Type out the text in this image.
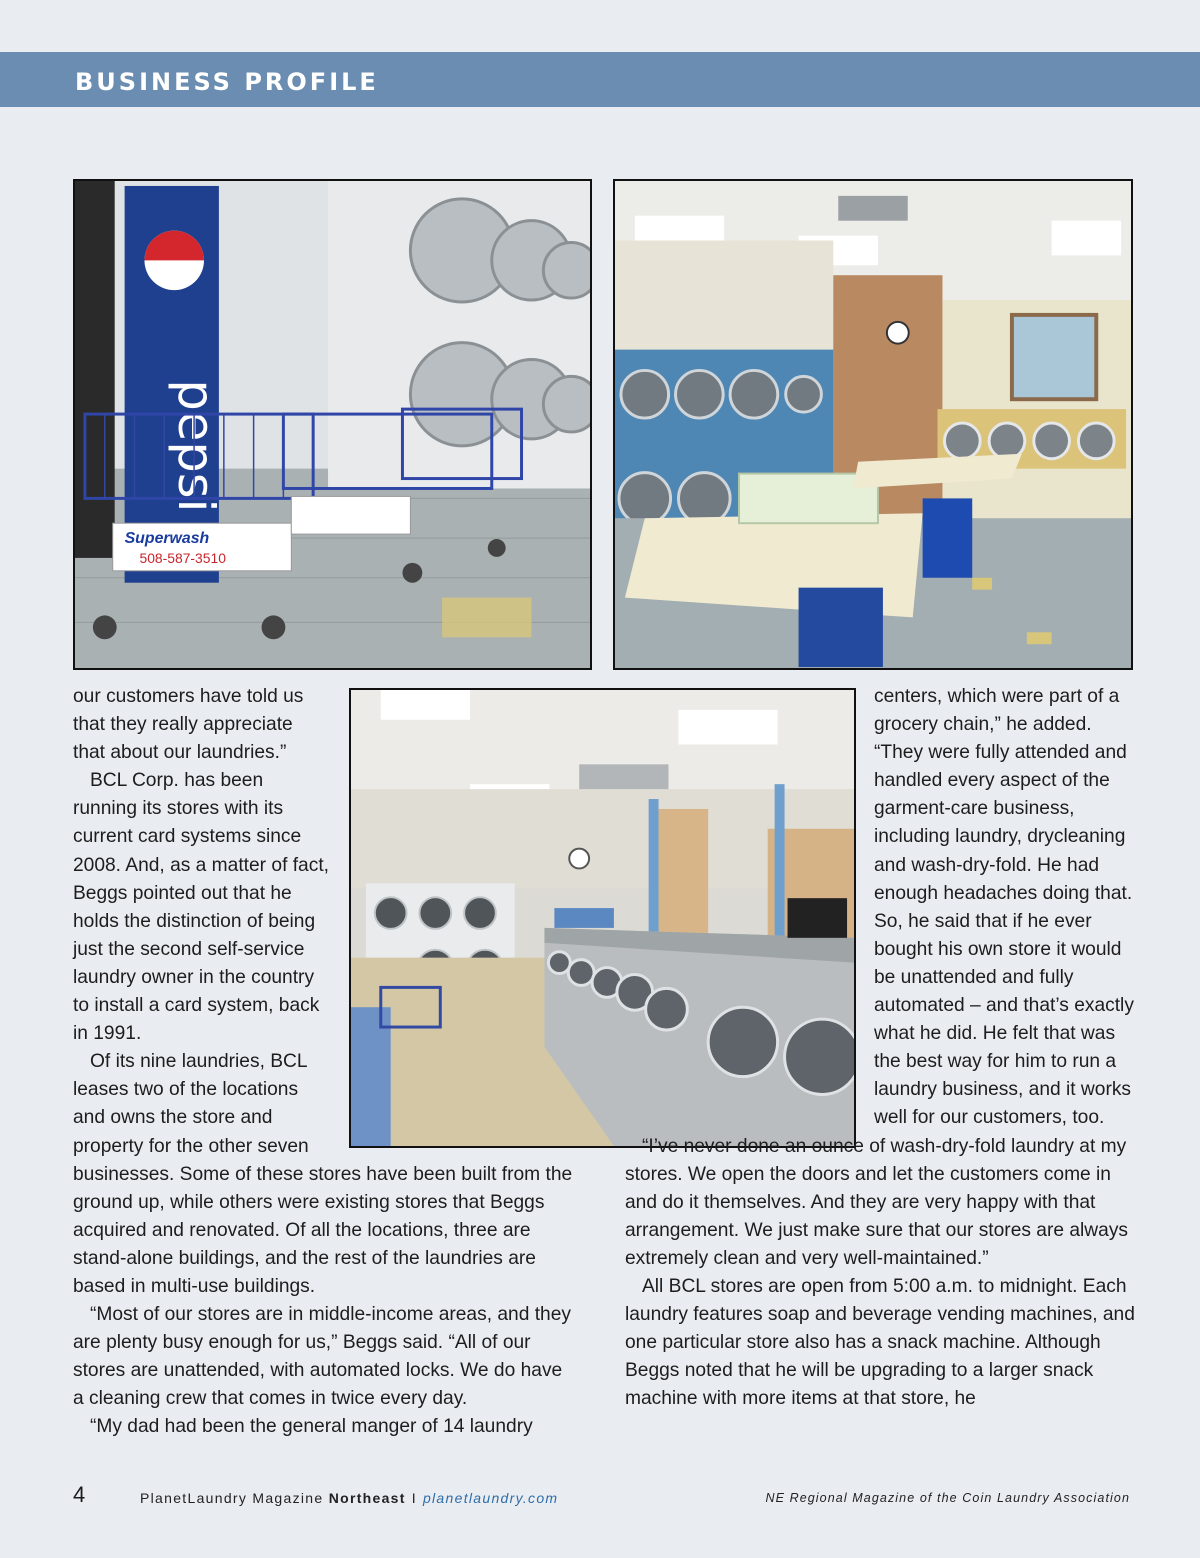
BUSINESS PROFILE
pepsi
Superwash
508-587-3510

our customers have told us that they really appreciate that about our laundries.”

BCL Corp. has been running its stores with its current card systems since 2008. And, as a matter of fact, Beggs pointed out that he holds the distinction of being just the second self-service laundry owner in the country to install a card system, back in 1991.

Of its nine laundries, BCL leases two of the locations and owns the store and property for the other seven

businesses. Some of these stores have been built from the ground up, while others were existing stores that Beggs acquired and renovated. Of all the locations, three are stand-alone buildings, and the rest of the laundries are based in multi-use buildings.

“Most of our stores are in middle-income areas, and they are plenty busy enough for us,” Beggs said. “All of our stores are unattended, with automated locks. We do have a cleaning crew that comes in twice every day.

“My dad had been the general manger of 14 laundry

centers, which were part of a grocery chain,” he added. “They were fully attended and handled every aspect of the garment-care business, including laundry, drycleaning and wash-dry-fold. He had enough headaches doing that. So, he said that if he ever bought his own store it would be unattended and fully automated – and that’s exactly what he did. He felt that was the best way for him to run a laundry business, and it works well for our customers, too.

“I’ve never done an ounce of wash-dry-fold laundry at my stores. We open the doors and let the customers come in and do it themselves. And they are very happy with that arrangement. We just make sure that our stores are always extremely clean and very well-maintained.”

All BCL stores are open from 5:00 a.m. to midnight. Each laundry features soap and beverage vending machines, and one particular store also has a snack machine. Although Beggs noted that he will be upgrading to a larger snack machine with more items at that store, he

4	PlanetLaundry Magazine Northeast I planetlaundry.com	NE Regional Magazine of the Coin Laundry Association
